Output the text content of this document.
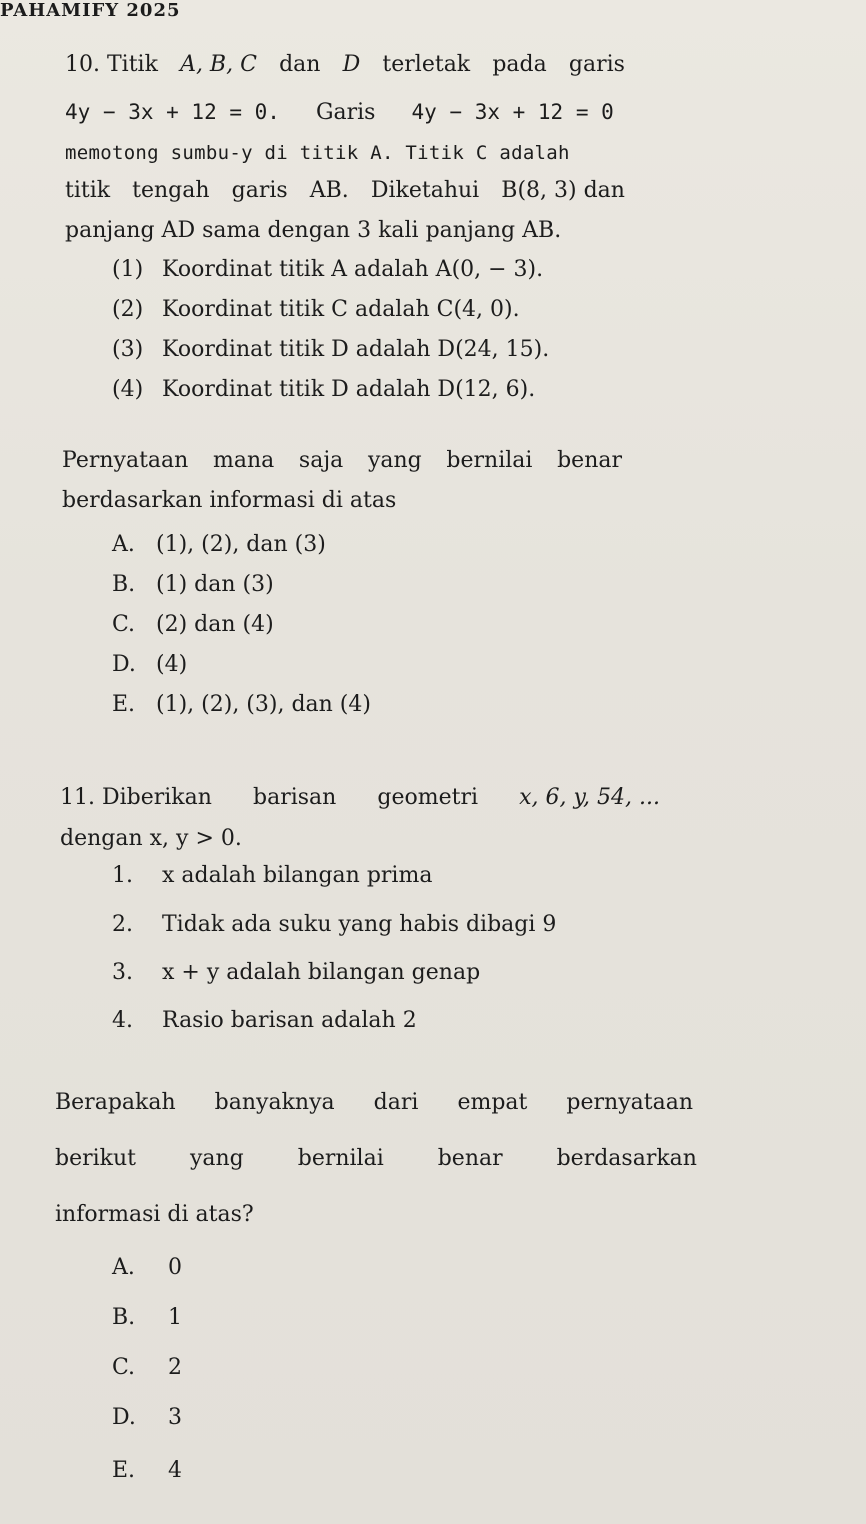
PAHAMIFY 2025
10. Titik A, B, C dan D terletak pada garis
4y − 3x + 12 = 0. Garis 4y − 3x + 12 = 0
memotong sumbu-y di titik A. Titik C adalah
titik tengah garis AB. Diketahui B(8, 3) dan
panjang AD sama dengan 3 kali panjang AB.
(1) Koordinat titik A adalah A(0, − 3).
(2) Koordinat titik C adalah C(4, 0).
(3) Koordinat titik D adalah D(24, 15).
(4) Koordinat titik D adalah D(12, 6).
Pernyataan mana saja yang bernilai benar
berdasarkan informasi di atas
A. (1), (2), dan (3)
B. (1) dan (3)
C. (2) dan (4)
D. (4)
E. (1), (2), (3), dan (4)
11. Diberikan barisan geometri x, 6, y, 54, ...
dengan x, y > 0.
1. x adalah bilangan prima
2. Tidak ada suku yang habis dibagi 9
3. x + y adalah bilangan genap
4. Rasio barisan adalah 2
Berapakah banyaknya dari empat pernyataan
berikut yang bernilai benar berdasarkan
informasi di atas?
A. 0
B. 1
C. 2
D. 3
E. 4
